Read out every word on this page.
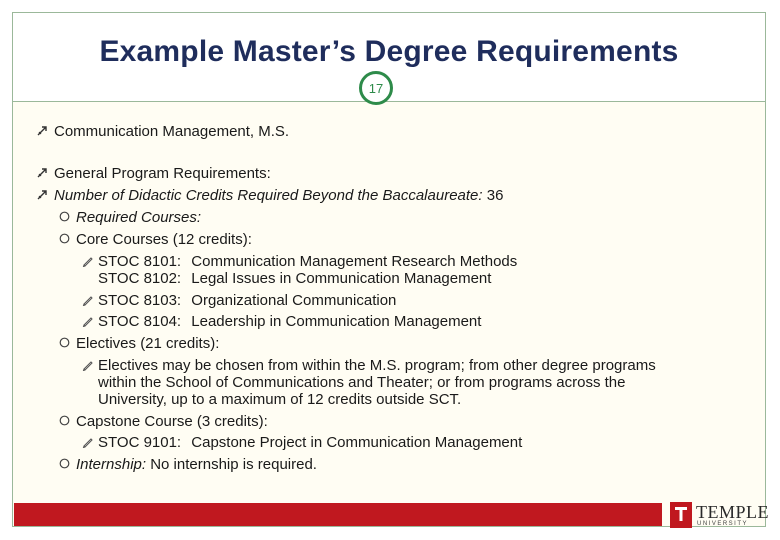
Example Master’s Degree Requirements
17
Communication Management, M.S.
General Program Requirements:
Number of Didactic Credits Required Beyond the Baccalaureate: 36
Required Courses:
Core Courses (12 credits):
STOC 8101: Communication Management Research Methods
STOC 8102: Legal Issues in Communication Management
STOC 8103: Organizational Communication
STOC 8104: Leadership in Communication Management
Electives (21 credits):
Electives may be chosen from within the M.S. program; from other degree programs
within the School of Communications and Theater; or from programs across the
University, up to a maximum of 12 credits outside SCT.
Capstone Course (3 credits):
STOC 9101: Capstone Project in Communication Management
Internship: No internship is required.
TEMPLE
UNIVERSITY
